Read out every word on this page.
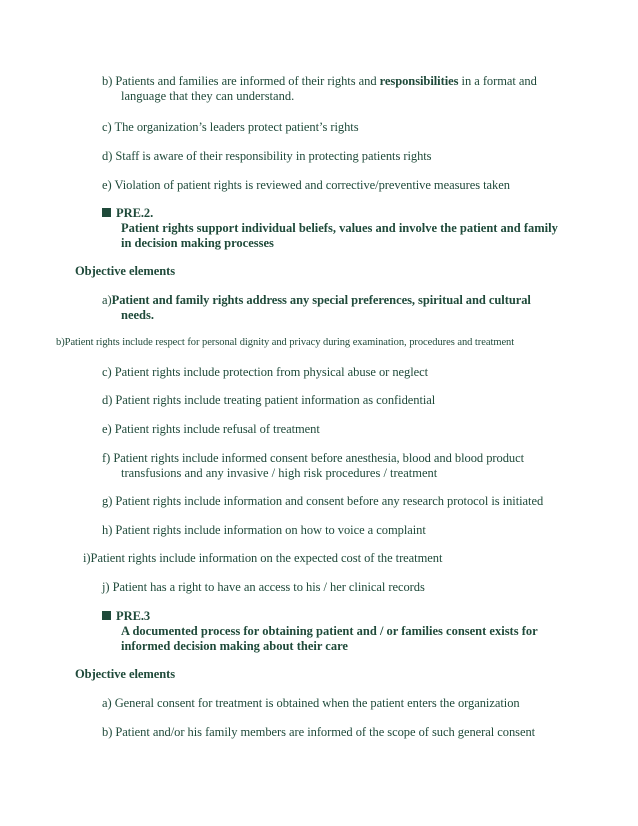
b) Patients and families are informed of their rights and responsibilities in a format and
language that they can understand.
c) The organization’s leaders protect patient’s rights
d) Staff is aware of their responsibility in protecting patients rights
e) Violation of patient rights is reviewed and corrective/preventive measures taken
PRE.2.
Patient rights support individual beliefs, values and involve the patient and family
in decision making processes
Objective elements
a)Patient and family rights address any special preferences, spiritual and cultural
needs.
b)Patient rights include respect for personal dignity and privacy during examination, procedures and treatment
c) Patient rights include protection from physical abuse or neglect
d) Patient rights include treating patient information as confidential
e) Patient rights include refusal of treatment
f) Patient rights include informed consent before anesthesia, blood and blood product
transfusions and any invasive / high risk procedures / treatment
g) Patient rights include information and consent before any research protocol is initiated
h) Patient rights include information on how to voice a complaint
i)Patient rights include information on the expected cost of the treatment
j) Patient has a right to have an access to his / her clinical records
PRE.3
A documented process for obtaining patient and / or families consent exists for
informed decision making about their care
Objective elements
a) General consent for treatment is obtained when the patient enters the organization
b) Patient and/or his family members are informed of the scope of such general consent
